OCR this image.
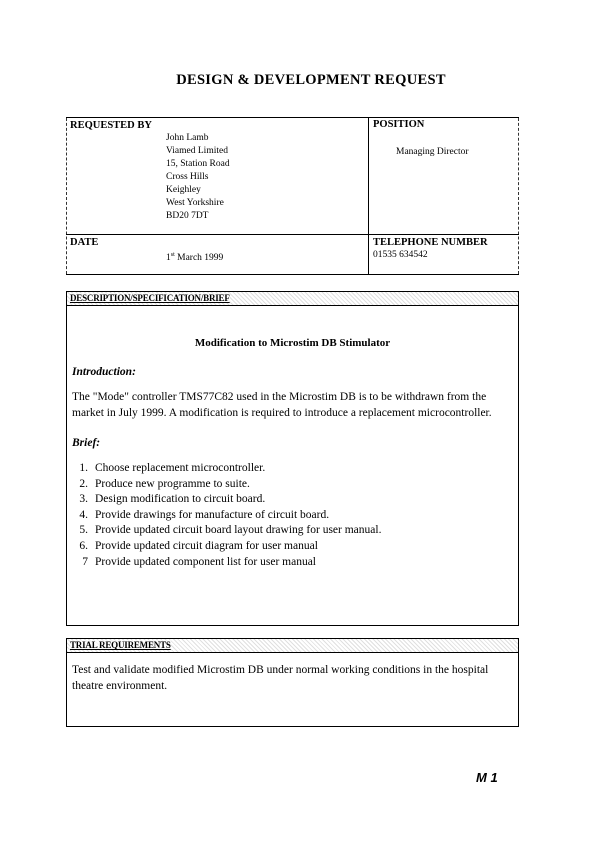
DESIGN & DEVELOPMENT REQUEST
REQUESTED BY
John Lamb
Viamed Limited
15, Station Road
Cross Hills
Keighley
West Yorkshire
BD20 7DT
POSITION
Managing Director
DATE
1st March 1999
TELEPHONE NUMBER
01535 634542
DESCRIPTION/SPECIFICATION/BRIEF
Modification to Microstim DB Stimulator
Introduction:
The "Mode" controller TMS77C82 used in the Microstim DB is to be withdrawn from the market in July 1999. A modification is required to introduce a replacement microcontroller.
Brief:
1. Choose replacement microcontroller.
2. Produce new programme to suite.
3. Design modification to circuit board.
4. Provide drawings for manufacture of circuit board.
5. Provide updated circuit board layout drawing for user manual.
6. Provide updated circuit diagram for user manual
7 Provide updated component list for user manual
TRIAL REQUIREMENTS
Test and validate modified Microstim DB under normal working conditions in the hospital theatre environment.
M 1
